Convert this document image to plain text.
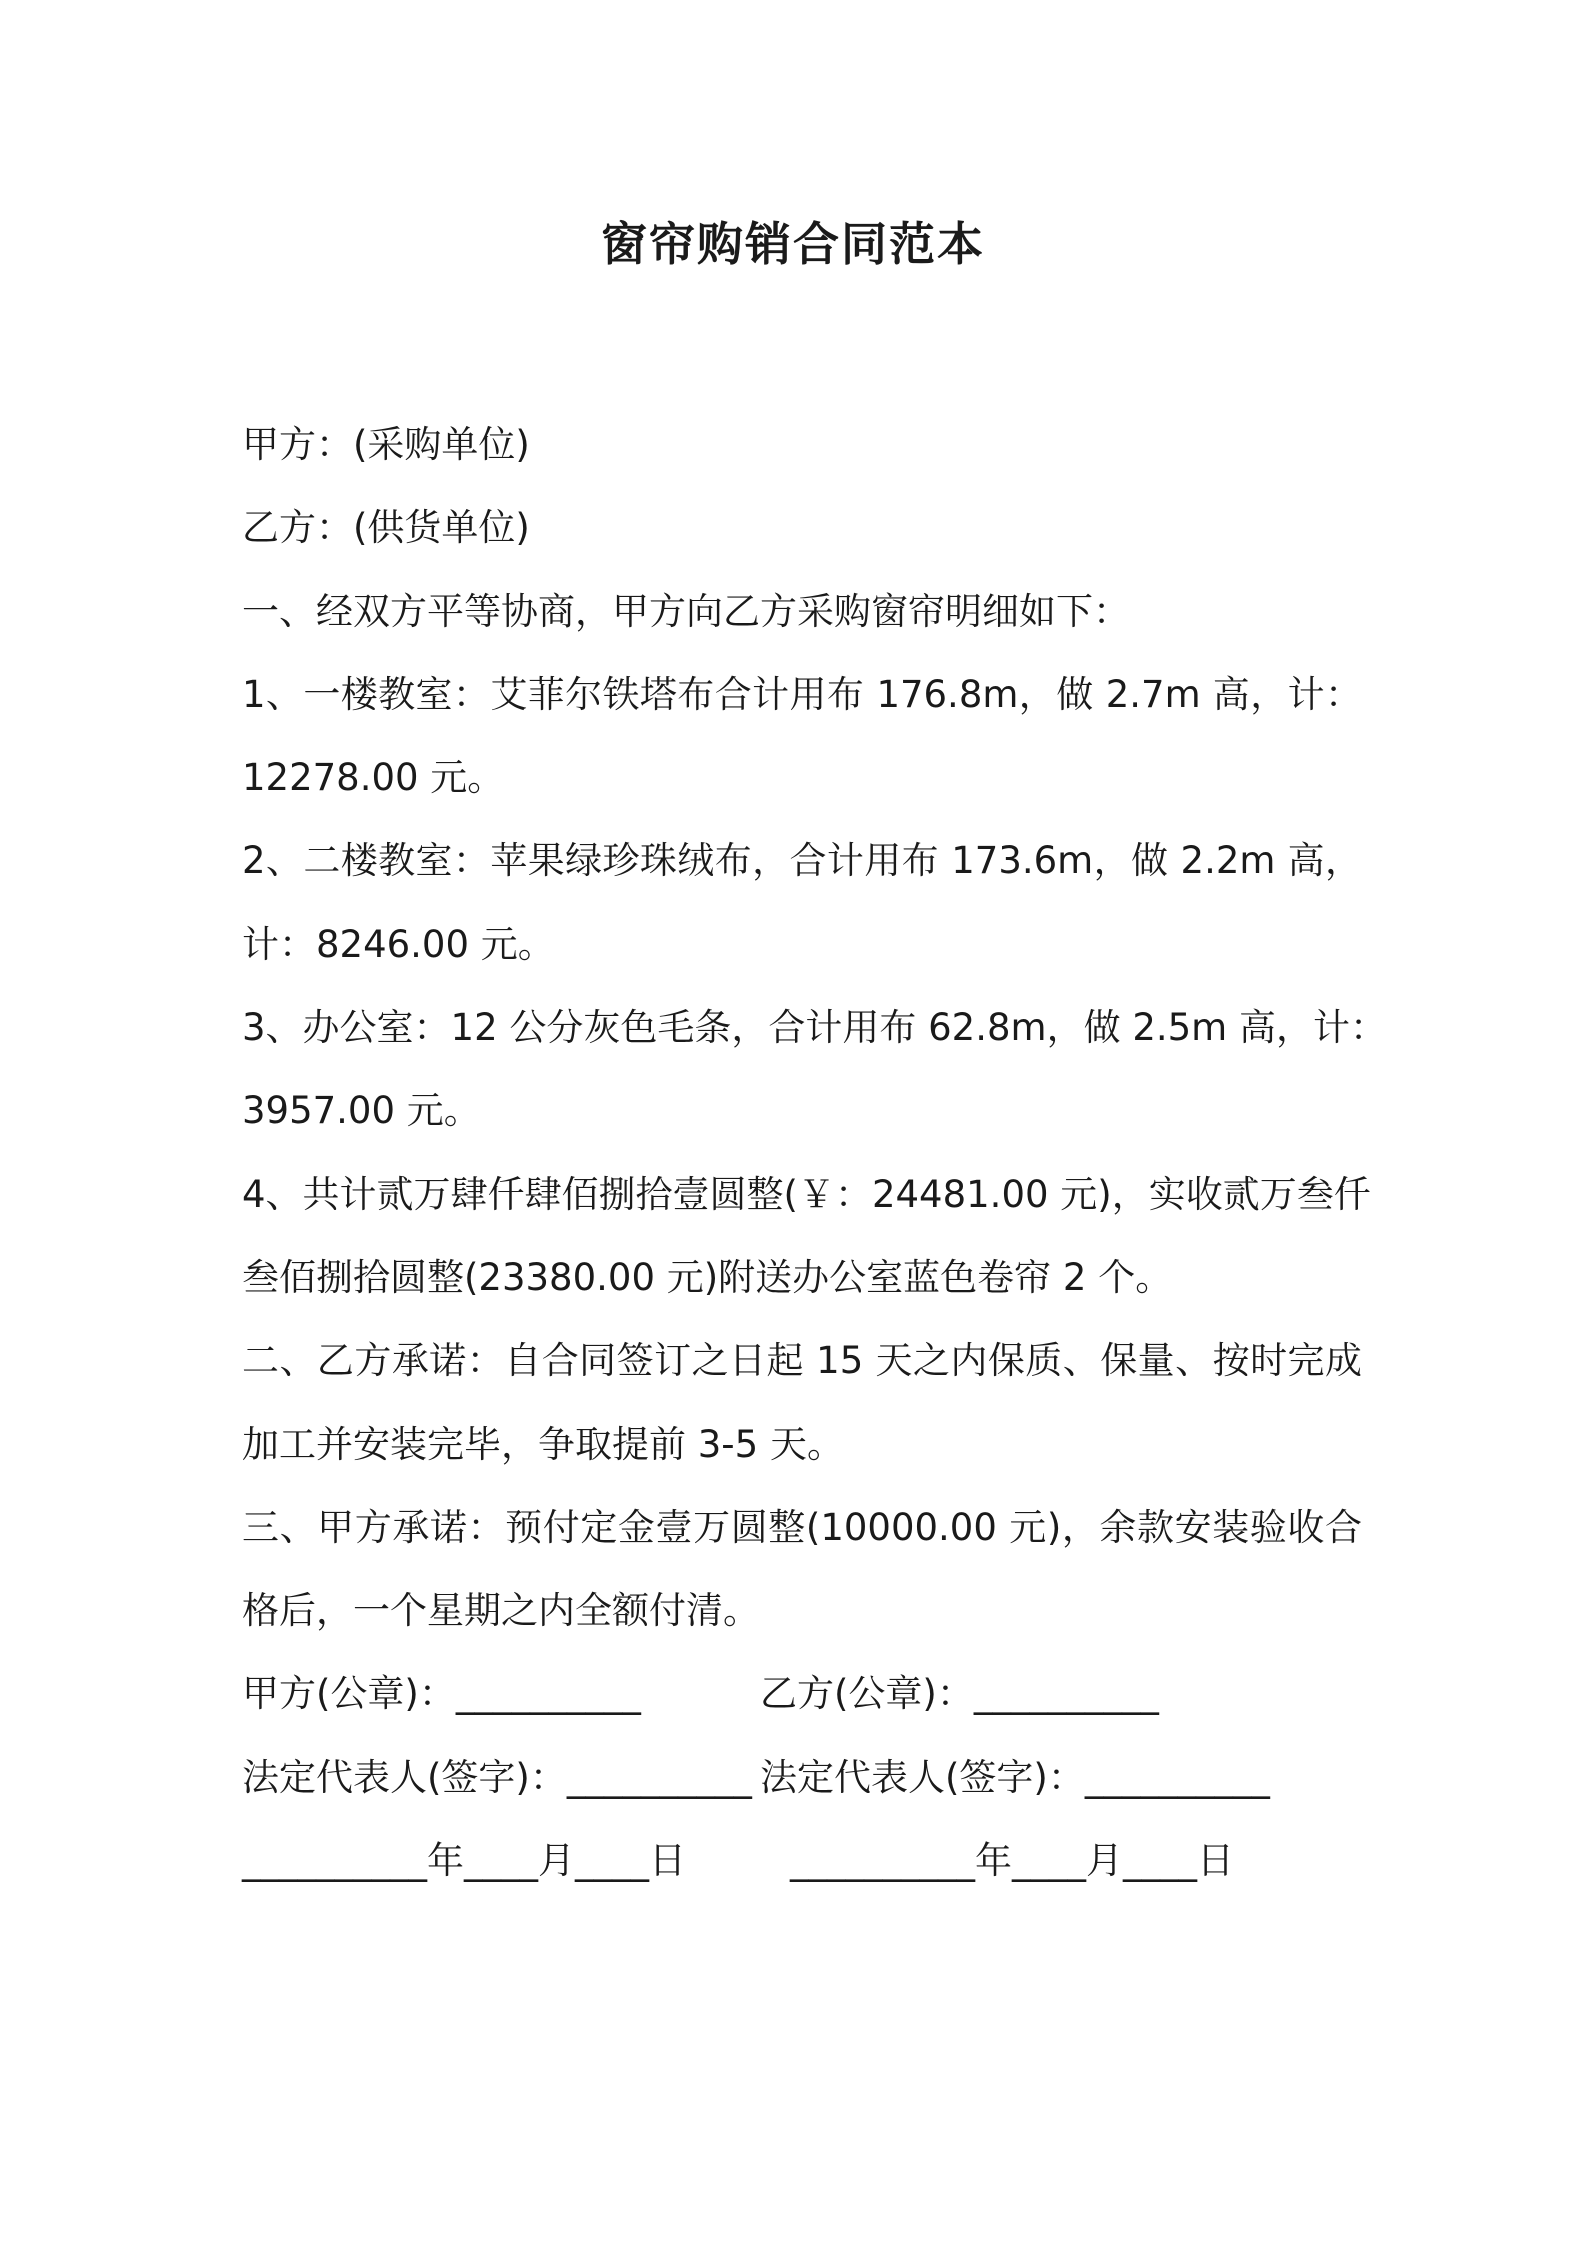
窗帘购销合同范本
甲方：(采购单位)
乙方：(供货单位)
一、经双方平等协商，甲方向乙方采购窗帘明细如下：
1、一楼教室：艾菲尔铁塔布合计用布 176.8m，做 2.7m 高，计：
12278.00 元。
2、二楼教室：苹果绿珍珠绒布，合计用布 173.6m，做 2.2m 高，
计：8246.00 元。
3、办公室：12 公分灰色毛条，合计用布 62.8m，做 2.5m 高，计：
3957.00 元。
4、共计贰万肆仟肆佰捌拾壹圆整(￥：24481.00 元)，实收贰万叁仟
叁佰捌拾圆整(23380.00 元)附送办公室蓝色卷帘 2 个。
二、乙方承诺：自合同签订之日起 15 天之内保质、保量、按时完成
加工并安装完毕，争取提前 3-5 天。
三、甲方承诺：预付定金壹万圆整(10000.00 元)，余款安装验收合
格后，一个星期之内全额付清。
甲方(公章)：__________	乙方(公章)：__________
法定代表人(签字)：__________ 法定代表人(签字)：__________
__________年____月____日	__________年____月____日
